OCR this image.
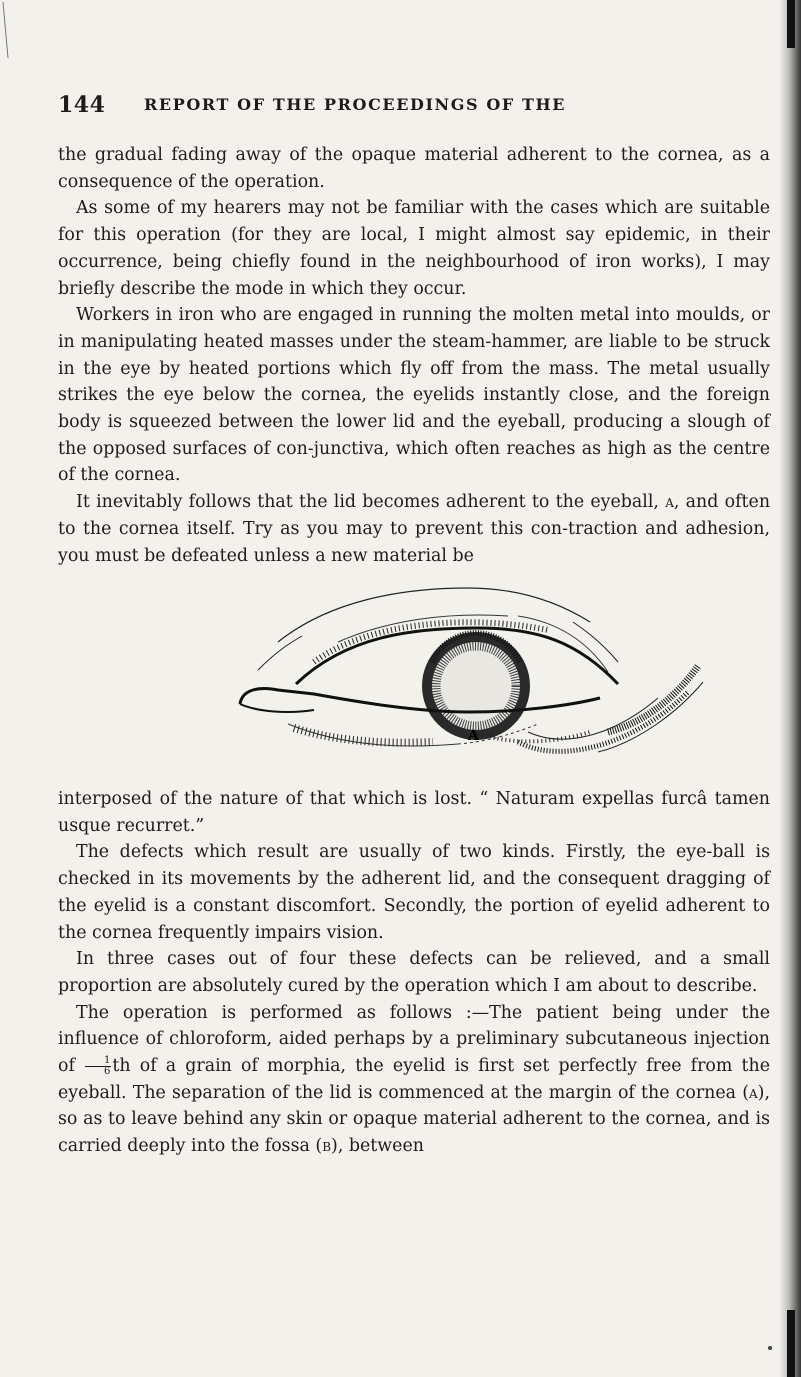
144 REPORT OF THE PROCEEDINGS OF THE

the gradual fading away of the opaque material adherent to the cornea, as a consequence of the operation.

As some of my hearers may not be familiar with the cases which are suitable for this operation (for they are local, I might almost say epidemic, in their occurrence, being chiefly found in the neighbourhood of iron works), I may briefly describe the mode in which they occur.

Workers in iron who are engaged in running the molten metal into moulds, or in manipulating heated masses under the steam-hammer, are liable to be struck in the eye by heated portions which fly off from the mass. The metal usually strikes the eye below the cornea, the eyelids instantly close, and the foreign body is squeezed between the lower lid and the eyeball, producing a slough of the opposed surfaces of con-junctiva, which often reaches as high as the centre of the cornea.

It inevitably follows that the lid becomes adherent to the eyeball, a, and often to the cornea itself. Try as you may to prevent this con-traction and adhesion, you must be defeated unless a new material be

A

interposed of the nature of that which is lost. “ Naturam expellas furcâ tamen usque recurret.”

The defects which result are usually of two kinds. Firstly, the eye-ball is checked in its movements by the adherent lid, and the consequent dragging of the eyelid is a constant discomfort. Secondly, the portion of eyelid adherent to the cornea frequently impairs vision.

In three cases out of four these defects can be relieved, and a small proportion are absolutely cured by the operation which I am about to describe.

The operation is performed as follows :—The patient being under the influence of chloroform, aided perhaps by a preliminary subcutaneous injection of $\frac{1}{6}$ th of a grain of morphia, the eyelid is first set perfectly free from the eyeball. The separation of the lid is commenced at the margin of the cornea (a), so as to leave behind any skin or opaque material adherent to the cornea, and is carried deeply into the fossa (b), between
